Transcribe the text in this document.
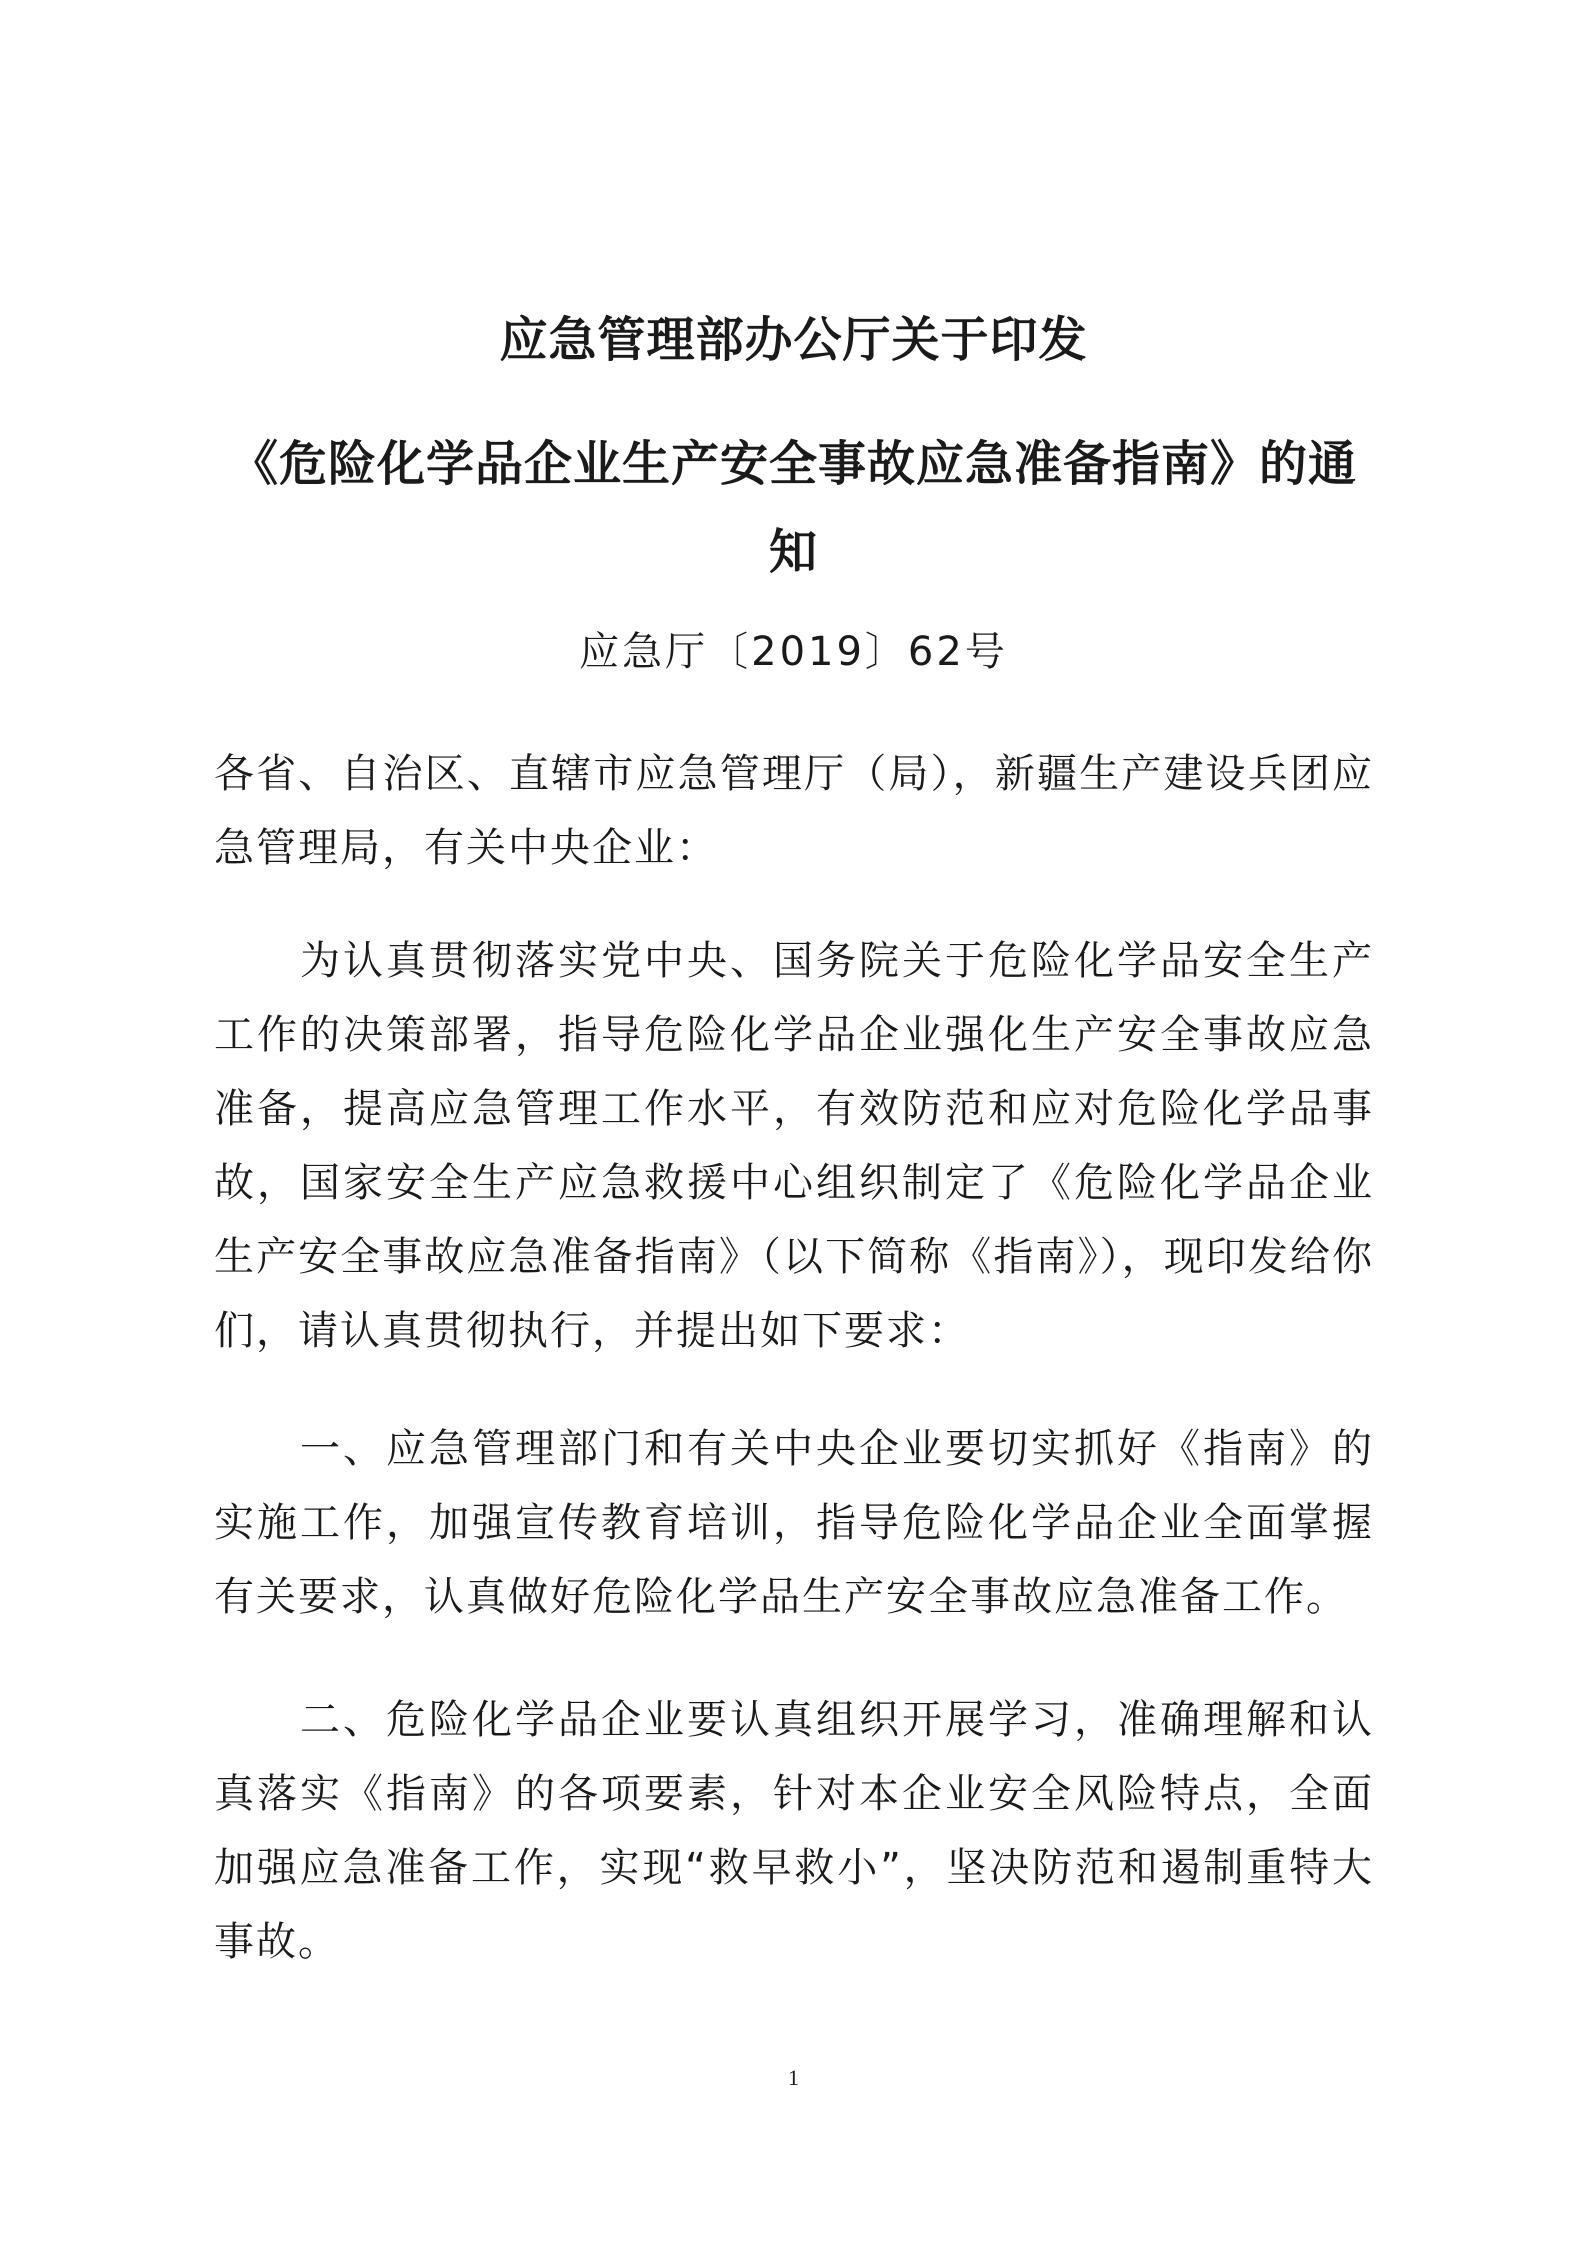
应急管理部办公厅关于印发
《危险化学品企业生产安全事故应急准备指南》的通知
应急厅〔2019〕62号

各省、自治区、直辖市应急管理厅（局），新疆生产建设兵团应急管理局，有关中央企业：

为认真贯彻落实党中央、国务院关于危险化学品安全生产工作的决策部署，指导危险化学品企业强化生产安全事故应急准备，提高应急管理工作水平，有效防范和应对危险化学品事故，国家安全生产应急救援中心组织制定了《危险化学品企业生产安全事故应急准备指南》（以下简称《指南》），现印发给你们，请认真贯彻执行，并提出如下要求：

一、应急管理部门和有关中央企业要切实抓好《指南》的实施工作，加强宣传教育培训，指导危险化学品企业全面掌握有关要求，认真做好危险化学品生产安全事故应急准备工作。

二、危险化学品企业要认真组织开展学习，准确理解和认真落实《指南》的各项要素，针对本企业安全风险特点，全面加强应急准备工作，实现“救早救小”，坚决防范和遏制重特大事故。

1
